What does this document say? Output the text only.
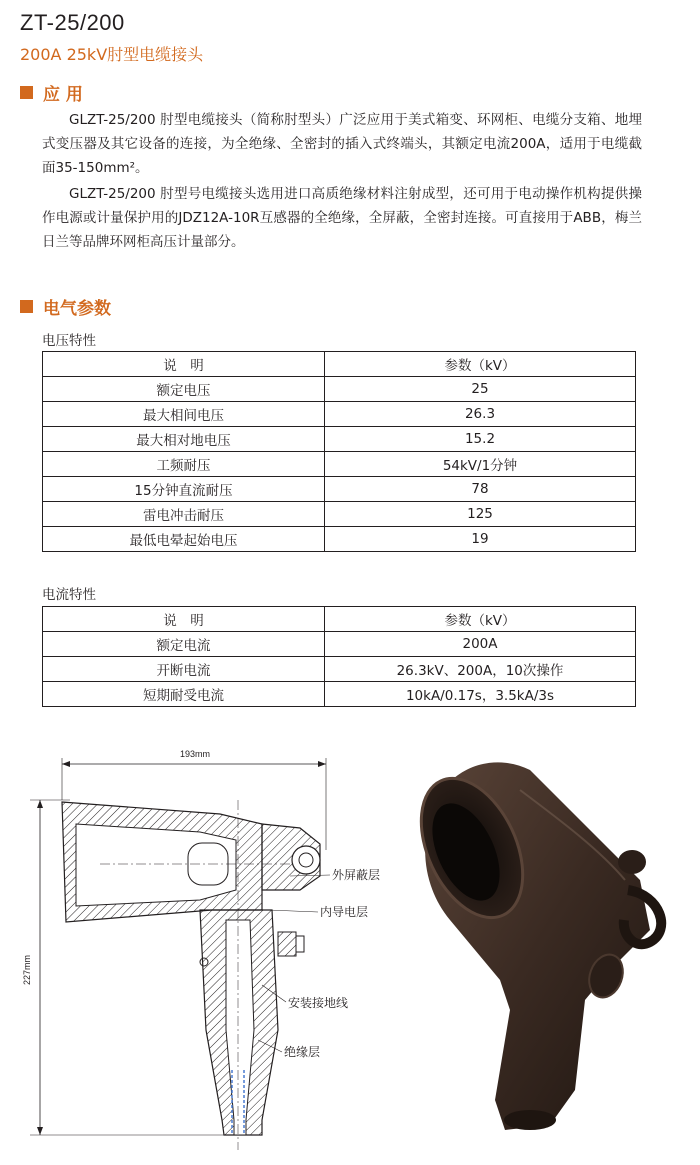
ZT-25/200
200A 25kV肘型电缆接头
应 用
GLZT-25/200 肘型电缆接头（简称肘型头）广泛应用于美式箱变、环网柜、电缆分支箱、地埋式变压器及其它设备的连接，为全绝缘、全密封的插入式终端头，其额定电流200A，适用于电缆截面35-150mm²。
GLZT-25/200 肘型号电缆接头选用进口高质绝缘材料注射成型，还可用于电动操作机构提供操作电源或计量保护用的JDZ12A-10R互感器的全绝缘，全屏蔽，全密封连接。可直接用于ABB，梅兰日兰等品牌环网柜高压计量部分。
电气参数
电压特性
说　明	参数（kV）
额定电压	25
最大相间电压	26.3
最大相对地电压	15.2
工频耐压	54kV/1分钟
15分钟直流耐压	78
雷电冲击耐压	125
最低电晕起始电压	19
电流特性
说　明	参数（kV）
额定电流	200A
开断电流	26.3kV、200A，10次操作
短期耐受电流	10kA/0.17s，3.5kA/3s
193mm
227mm
外屏蔽层
内导电层
安装接地线
绝缘层
